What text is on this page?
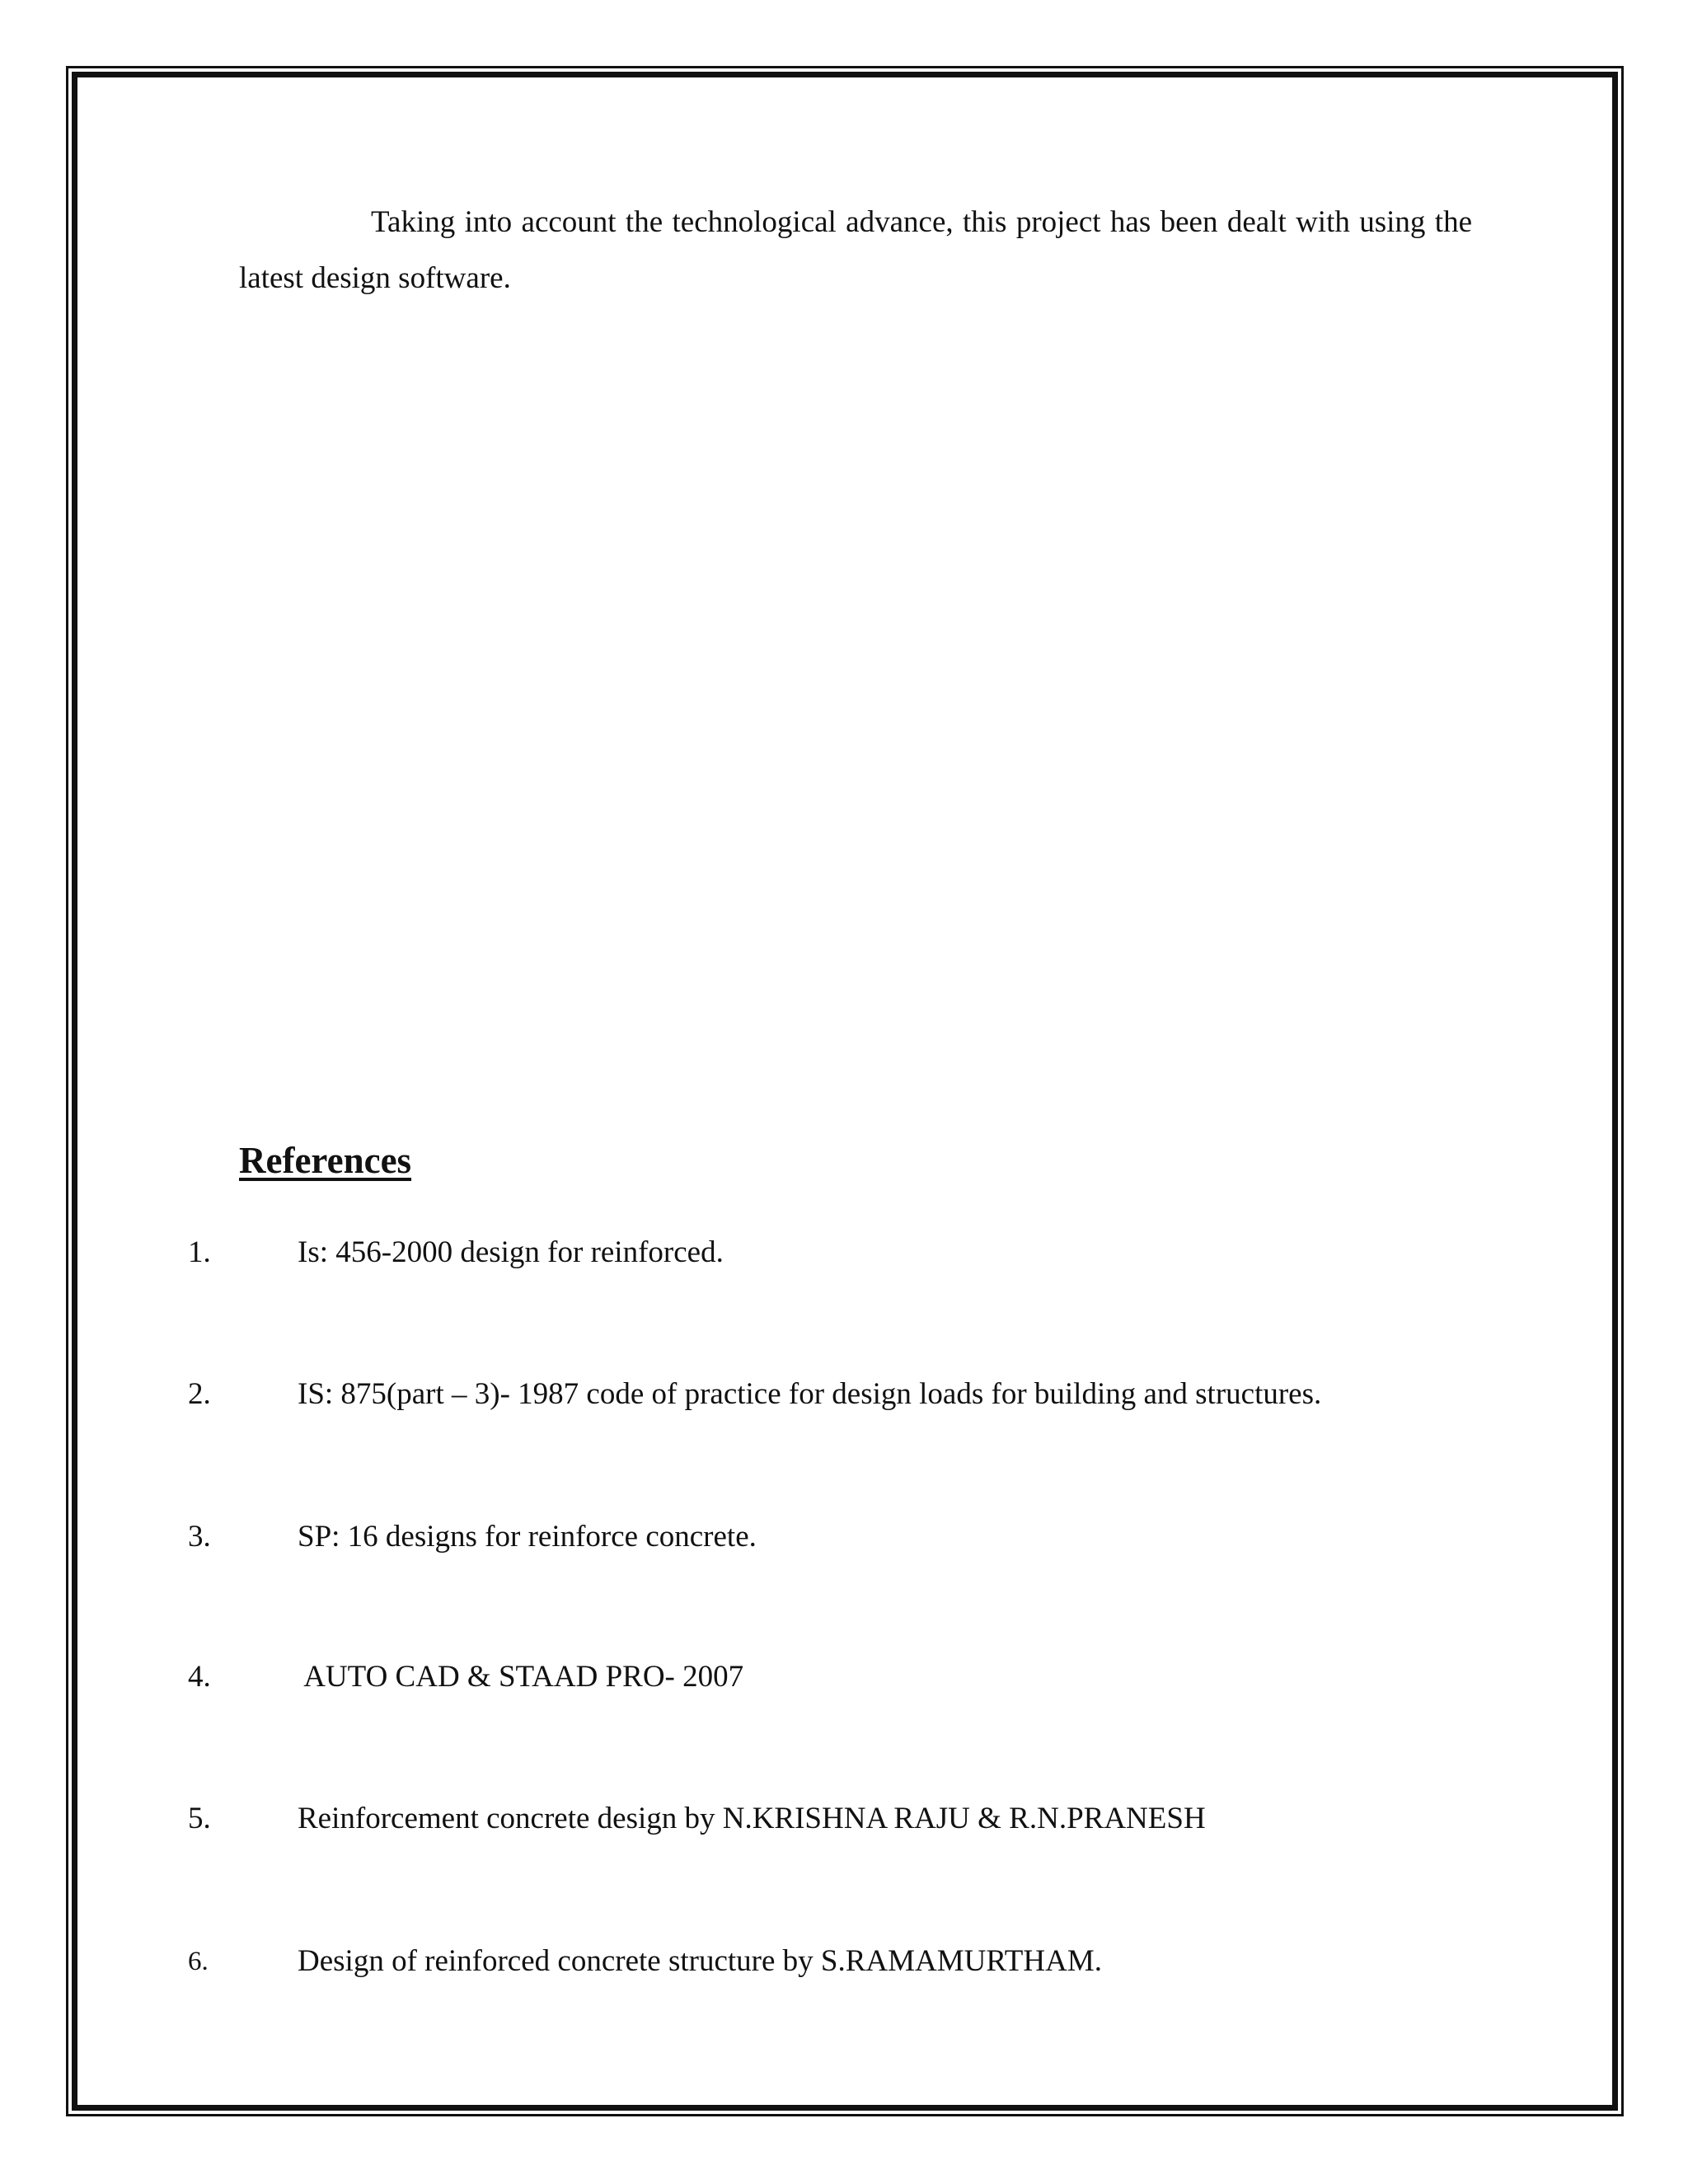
Taking into account the technological advance, this project has been dealt with using the latest design software.

References
1.	Is: 456-2000 design for reinforced.
2.	IS: 875(part – 3)- 1987 code of practice for design loads for building and structures.
3.	SP: 16 designs for reinforce concrete.
4.	AUTO CAD & STAAD PRO- 2007
5.	Reinforcement concrete design by N.KRISHNA RAJU & R.N.PRANESH
6.	Design of reinforced concrete structure by S.RAMAMURTHAM.
